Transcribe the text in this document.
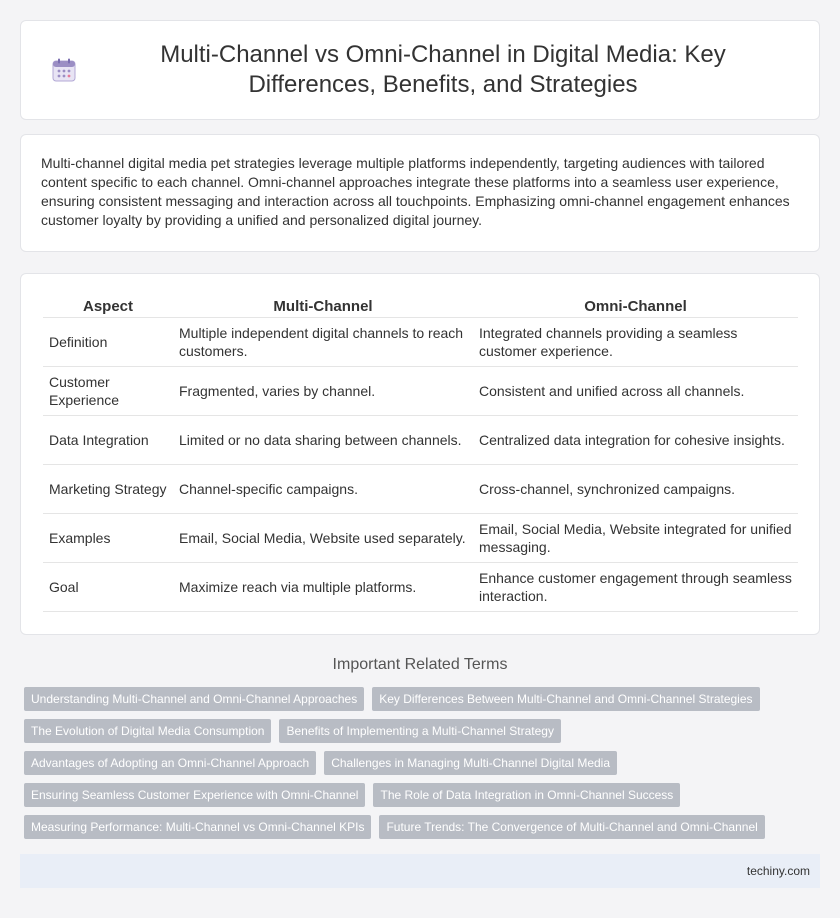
Multi-Channel vs Omni-Channel in Digital Media: Key Differences, Benefits, and Strategies

Multi-channel digital media pet strategies leverage multiple platforms independently, targeting audiences with tailored content specific to each channel. Omni-channel approaches integrate these platforms into a seamless user experience, ensuring consistent messaging and interaction across all touchpoints. Emphasizing omni-channel engagement enhances customer loyalty by providing a unified and personalized digital journey.

Aspect	Multi-Channel	Omni-Channel
Definition	Multiple independent digital channels to reach customers.	Integrated channels providing a seamless customer experience.
Customer Experience	Fragmented, varies by channel.	Consistent and unified across all channels.
Data Integration	Limited or no data sharing between channels.	Centralized data integration for cohesive insights.
Marketing Strategy	Channel-specific campaigns.	Cross-channel, synchronized campaigns.
Examples	Email, Social Media, Website used separately.	Email, Social Media, Website integrated for unified messaging.
Goal	Maximize reach via multiple platforms.	Enhance customer engagement through seamless interaction.
Important Related Terms
Understanding Multi-Channel and Omni-Channel Approaches	Key Differences Between Multi-Channel and Omni-Channel Strategies
The Evolution of Digital Media Consumption	Benefits of Implementing a Multi-Channel Strategy
Advantages of Adopting an Omni-Channel Approach	Challenges in Managing Multi-Channel Digital Media
Ensuring Seamless Customer Experience with Omni-Channel	The Role of Data Integration in Omni-Channel Success
Measuring Performance: Multi-Channel vs Omni-Channel KPIs	Future Trends: The Convergence of Multi-Channel and Omni-Channel
techiny.com
